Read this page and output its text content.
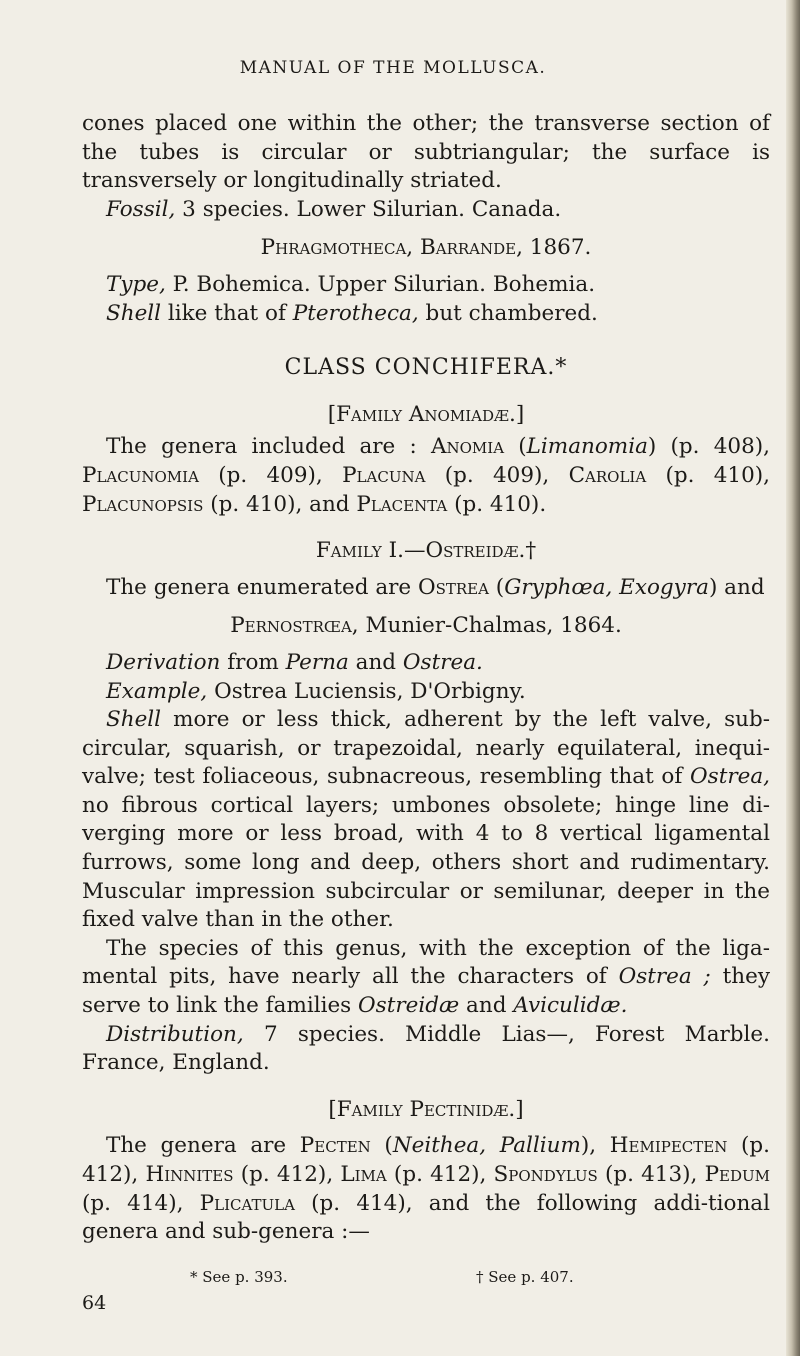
MANUAL OF THE MOLLUSCA.

cones placed one within the other; the transverse section of the tubes is circular or subtriangular; the surface is transversely or longitudinally striated.

Fossil, 3 species. Lower Silurian. Canada.

Phragmotheca, Barrande, 1867.

Type, P. Bohemica. Upper Silurian. Bohemia.

Shell like that of Pterotheca, but chambered.

CLASS CONCHIFERA.*

[Family Anomiadæ.]

The genera included are : Anomia (Limanomia) (p. 408), Placunomia (p. 409), Placuna (p. 409), Carolia (p. 410), Placunopsis (p. 410), and Placenta (p. 410).

Family I.—Ostreidæ.†

The genera enumerated are Ostrea (Gryphœa, Exogyra) and

Pernostrœa, Munier-Chalmas, 1864.

Derivation from Perna and Ostrea.

Example, Ostrea Luciensis, D'Orbigny.

Shell more or less thick, adherent by the left valve, sub-circular, squarish, or trapezoidal, nearly equilateral, inequi-valve; test foliaceous, subnacreous, resembling that of Ostrea, no fibrous cortical layers; umbones obsolete; hinge line di-verging more or less broad, with 4 to 8 vertical ligamental furrows, some long and deep, others short and rudimentary. Muscular impression subcircular or semilunar, deeper in the fixed valve than in the other.

The species of this genus, with the exception of the liga-mental pits, have nearly all the characters of Ostrea ; they serve to link the families Ostreidæ and Aviculidæ.

Distribution, 7 species. Middle Lias—, Forest Marble. France, England.

[Family Pectinidæ.]

The genera are Pecten (Neithea, Pallium), Hemipecten (p. 412), Hinnites (p. 412), Lima (p. 412), Spondylus (p. 413), Pedum (p. 414), Plicatula (p. 414), and the following addi-tional genera and sub-genera :—

* See p. 393.	† See p. 407.
64
